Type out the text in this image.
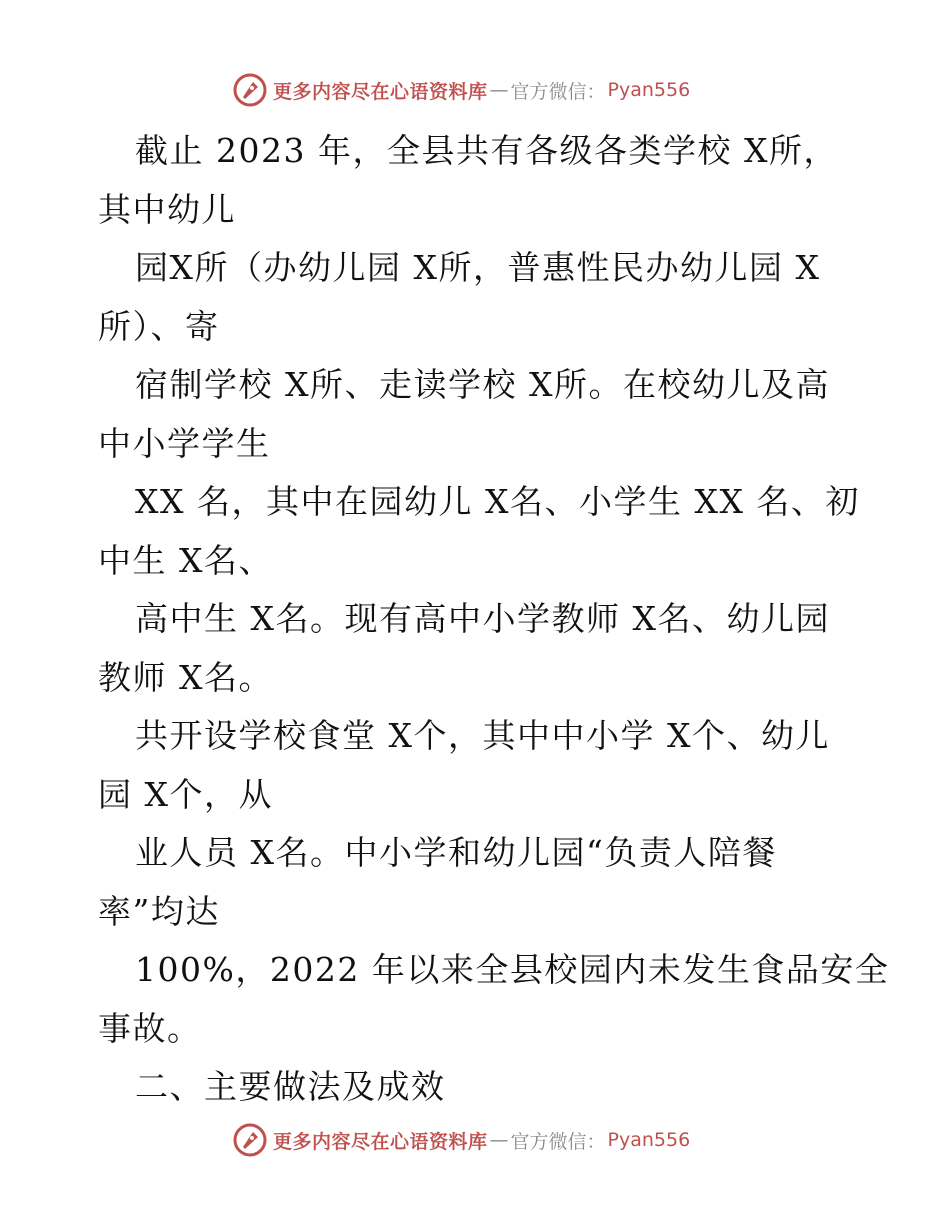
更多内容尽在心语资料库 — 官方微信： Pyan556
截止 2023 年，全县共有各级各类学校 X所，
其中幼儿
园X所（办幼儿园 X所，普惠性民办幼儿园 X
所）、寄
宿制学校 X所、走读学校 X所。在校幼儿及高
中小学学生
XX 名，其中在园幼儿 X名、小学生 XX 名、初
中生 X名、
高中生 X名。现有高中小学教师 X名、幼儿园
教师 X名。
共开设学校食堂 X个，其中中小学 X个、幼儿
园 X个，从
业人员 X名。中小学和幼儿园“负责人陪餐
率”均达
100%，2022 年以来全县校园内未发生食品安全
事故。
二、主要做法及成效
更多内容尽在心语资料库 — 官方微信： Pyan556
